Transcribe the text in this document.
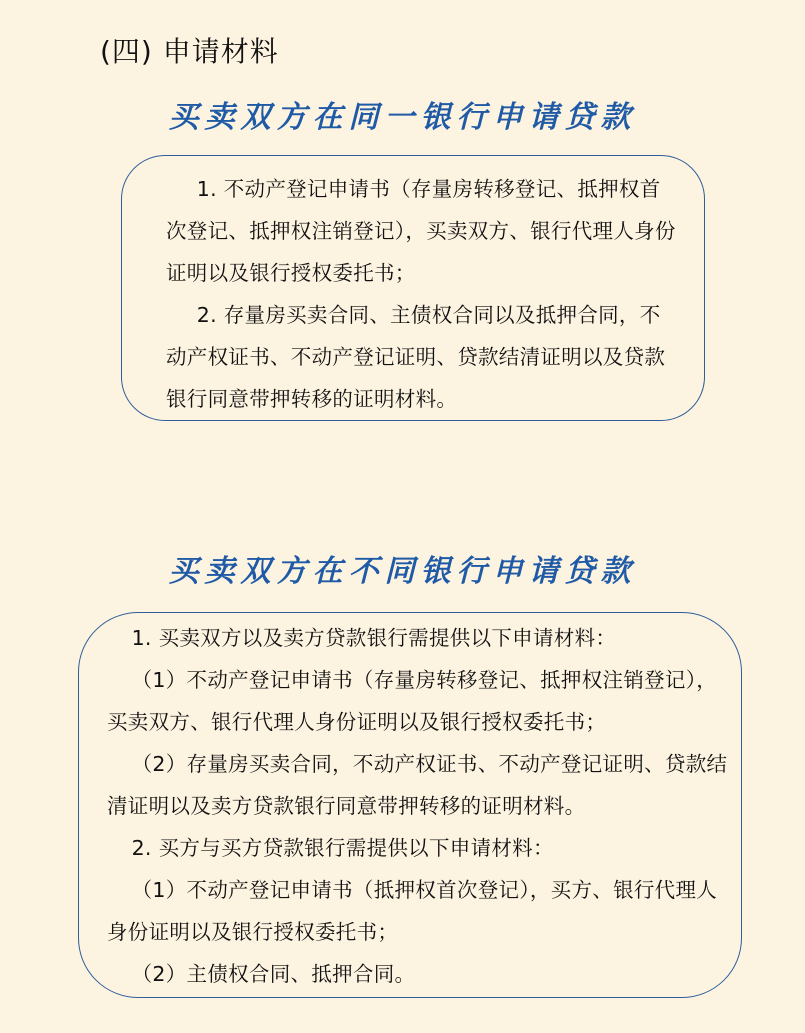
(四) 申请材料
买卖双方在同一银行申请贷款

1. 不动产登记申请书（存量房转移登记、抵押权首次登记、抵押权注销登记），买卖双方、银行代理人身份证明以及银行授权委托书；

2. 存量房买卖合同、主债权合同以及抵押合同，不动产权证书、不动产登记证明、贷款结清证明以及贷款银行同意带押转移的证明材料。

买卖双方在不同银行申请贷款

1. 买卖双方以及卖方贷款银行需提供以下申请材料：

（1）不动产登记申请书（存量房转移登记、抵押权注销登记），买卖双方、银行代理人身份证明以及银行授权委托书；

（2）存量房买卖合同，不动产权证书、不动产登记证明、贷款结清证明以及卖方贷款银行同意带押转移的证明材料。

2. 买方与买方贷款银行需提供以下申请材料：

（1）不动产登记申请书（抵押权首次登记），买方、银行代理人身份证明以及银行授权委托书；

（2）主债权合同、抵押合同。
